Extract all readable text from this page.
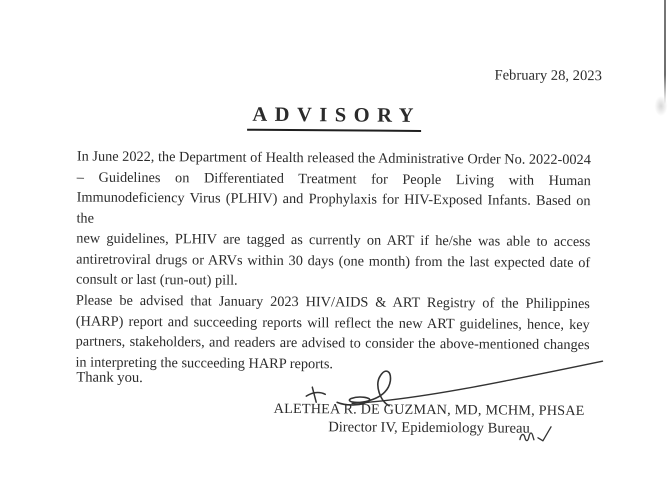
February 28, 2023
ADVISORY
In June 2022, the Department of Health released the Administrative Order No. 2022-0024
– Guidelines on Differentiated Treatment for People Living with Human
Immunodeficiency Virus (PLHIV) and Prophylaxis for HIV-Exposed Infants. Based on the
new guidelines, PLHIV are tagged as currently on ART if he/she was able to access
antiretroviral drugs or ARVs within 30 days (one month) from the last expected date of
consult or last (run-out) pill.
Please be advised that January 2023 HIV/AIDS & ART Registry of the Philippines
(HARP) report and succeeding reports will reflect the new ART guidelines, hence, key
partners, stakeholders, and readers are advised to consider the above-mentioned changes
in interpreting the succeeding HARP reports.
Thank you.
ALETHEA R. DE GUZMAN, MD, MCHM, PHSAE
Director IV, Epidemiology Bureau
